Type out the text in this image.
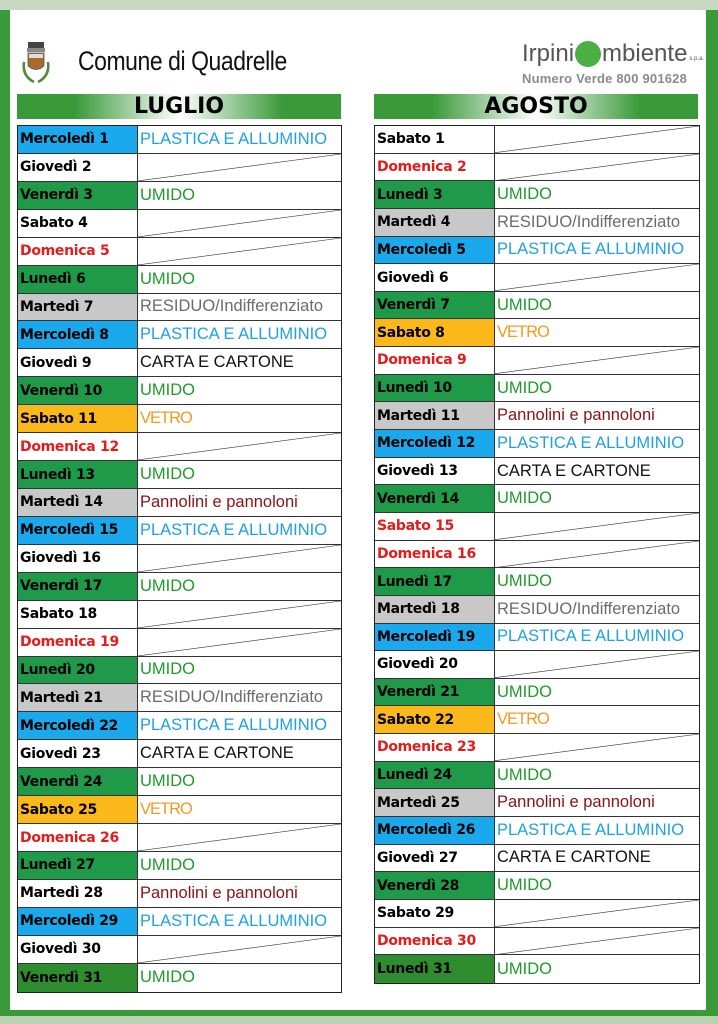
Comune di Quadrelle	Irpini mbiente s.p.a.
Numero Verde 800 901628
LUGLIO	AGOSTO
Mercoledì 1	PLASTICA E ALLUMINIO
Giovedì 2
Venerdì 3	UMIDO
Sabato 4
Domenica 5
Lunedì 6	UMIDO
Martedì 7	RESIDUO/Indifferenziato
Mercoledì 8	PLASTICA E ALLUMINIO
Giovedì 9	CARTA E CARTONE
Venerdì 10	UMIDO
Sabato 11	VETRO
Domenica 12
Lunedì 13	UMIDO
Martedì 14	Pannolini e pannoloni
Mercoledì 15	PLASTICA E ALLUMINIO
Giovedì 16
Venerdì 17	UMIDO
Sabato 18
Domenica 19
Lunedì 20	UMIDO
Martedì 21	RESIDUO/Indifferenziato
Mercoledì 22	PLASTICA E ALLUMINIO
Giovedì 23	CARTA E CARTONE
Venerdì 24	UMIDO
Sabato 25	VETRO
Domenica 26
Lunedì 27	UMIDO
Martedì 28	Pannolini e pannoloni
Mercoledì 29	PLASTICA E ALLUMINIO
Giovedì 30
Venerdì 31	UMIDO
Sabato 1
Domenica 2
Lunedì 3	UMIDO
Martedì 4	RESIDUO/Indifferenziato
Mercoledì 5	PLASTICA E ALLUMINIO
Giovedì 6
Venerdì 7	UMIDO
Sabato 8	VETRO
Domenica 9
Lunedì 10	UMIDO
Martedì 11	Pannolini e pannoloni
Mercoledì 12	PLASTICA E ALLUMINIO
Giovedì 13	CARTA E CARTONE
Venerdì 14	UMIDO
Sabato 15
Domenica 16
Lunedì 17	UMIDO
Martedì 18	RESIDUO/Indifferenziato
Mercoledì 19	PLASTICA E ALLUMINIO
Giovedì 20
Venerdì 21	UMIDO
Sabato 22	VETRO
Domenica 23
Lunedì 24	UMIDO
Martedì 25	Pannolini e pannoloni
Mercoledì 26	PLASTICA E ALLUMINIO
Giovedì 27	CARTA E CARTONE
Venerdì 28	UMIDO
Sabato 29
Domenica 30
Lunedì 31	UMIDO
